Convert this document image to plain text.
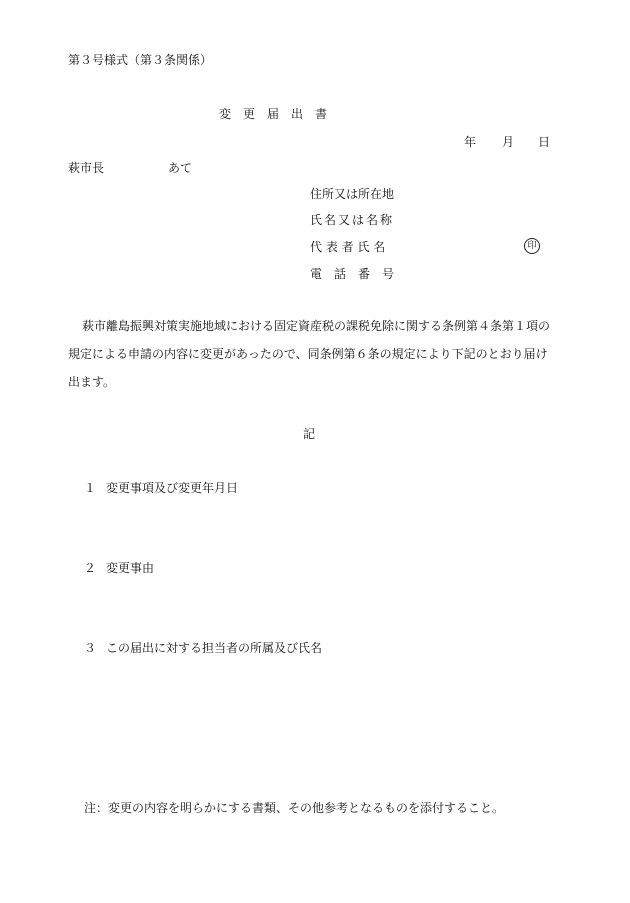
第３号様式（第３条関係）
変　更　届　出　書
年 月 日
萩市長	あて
住所又は所在地
氏名又は名称
代 表 者 氏 名	印
電　話　番　号
萩市離島振興対策実施地域における固定資産税の課税免除に関する条例第４条第１項の規定による申請の内容に変更があったので、同条例第６条の規定により下記のとおり届け出ます。
記
１ 変更事項及び変更年月日
２ 変更事由
３ この届出に対する担当者の所属及び氏名
注：変更の内容を明らかにする書類、その他参考となるものを添付すること。
